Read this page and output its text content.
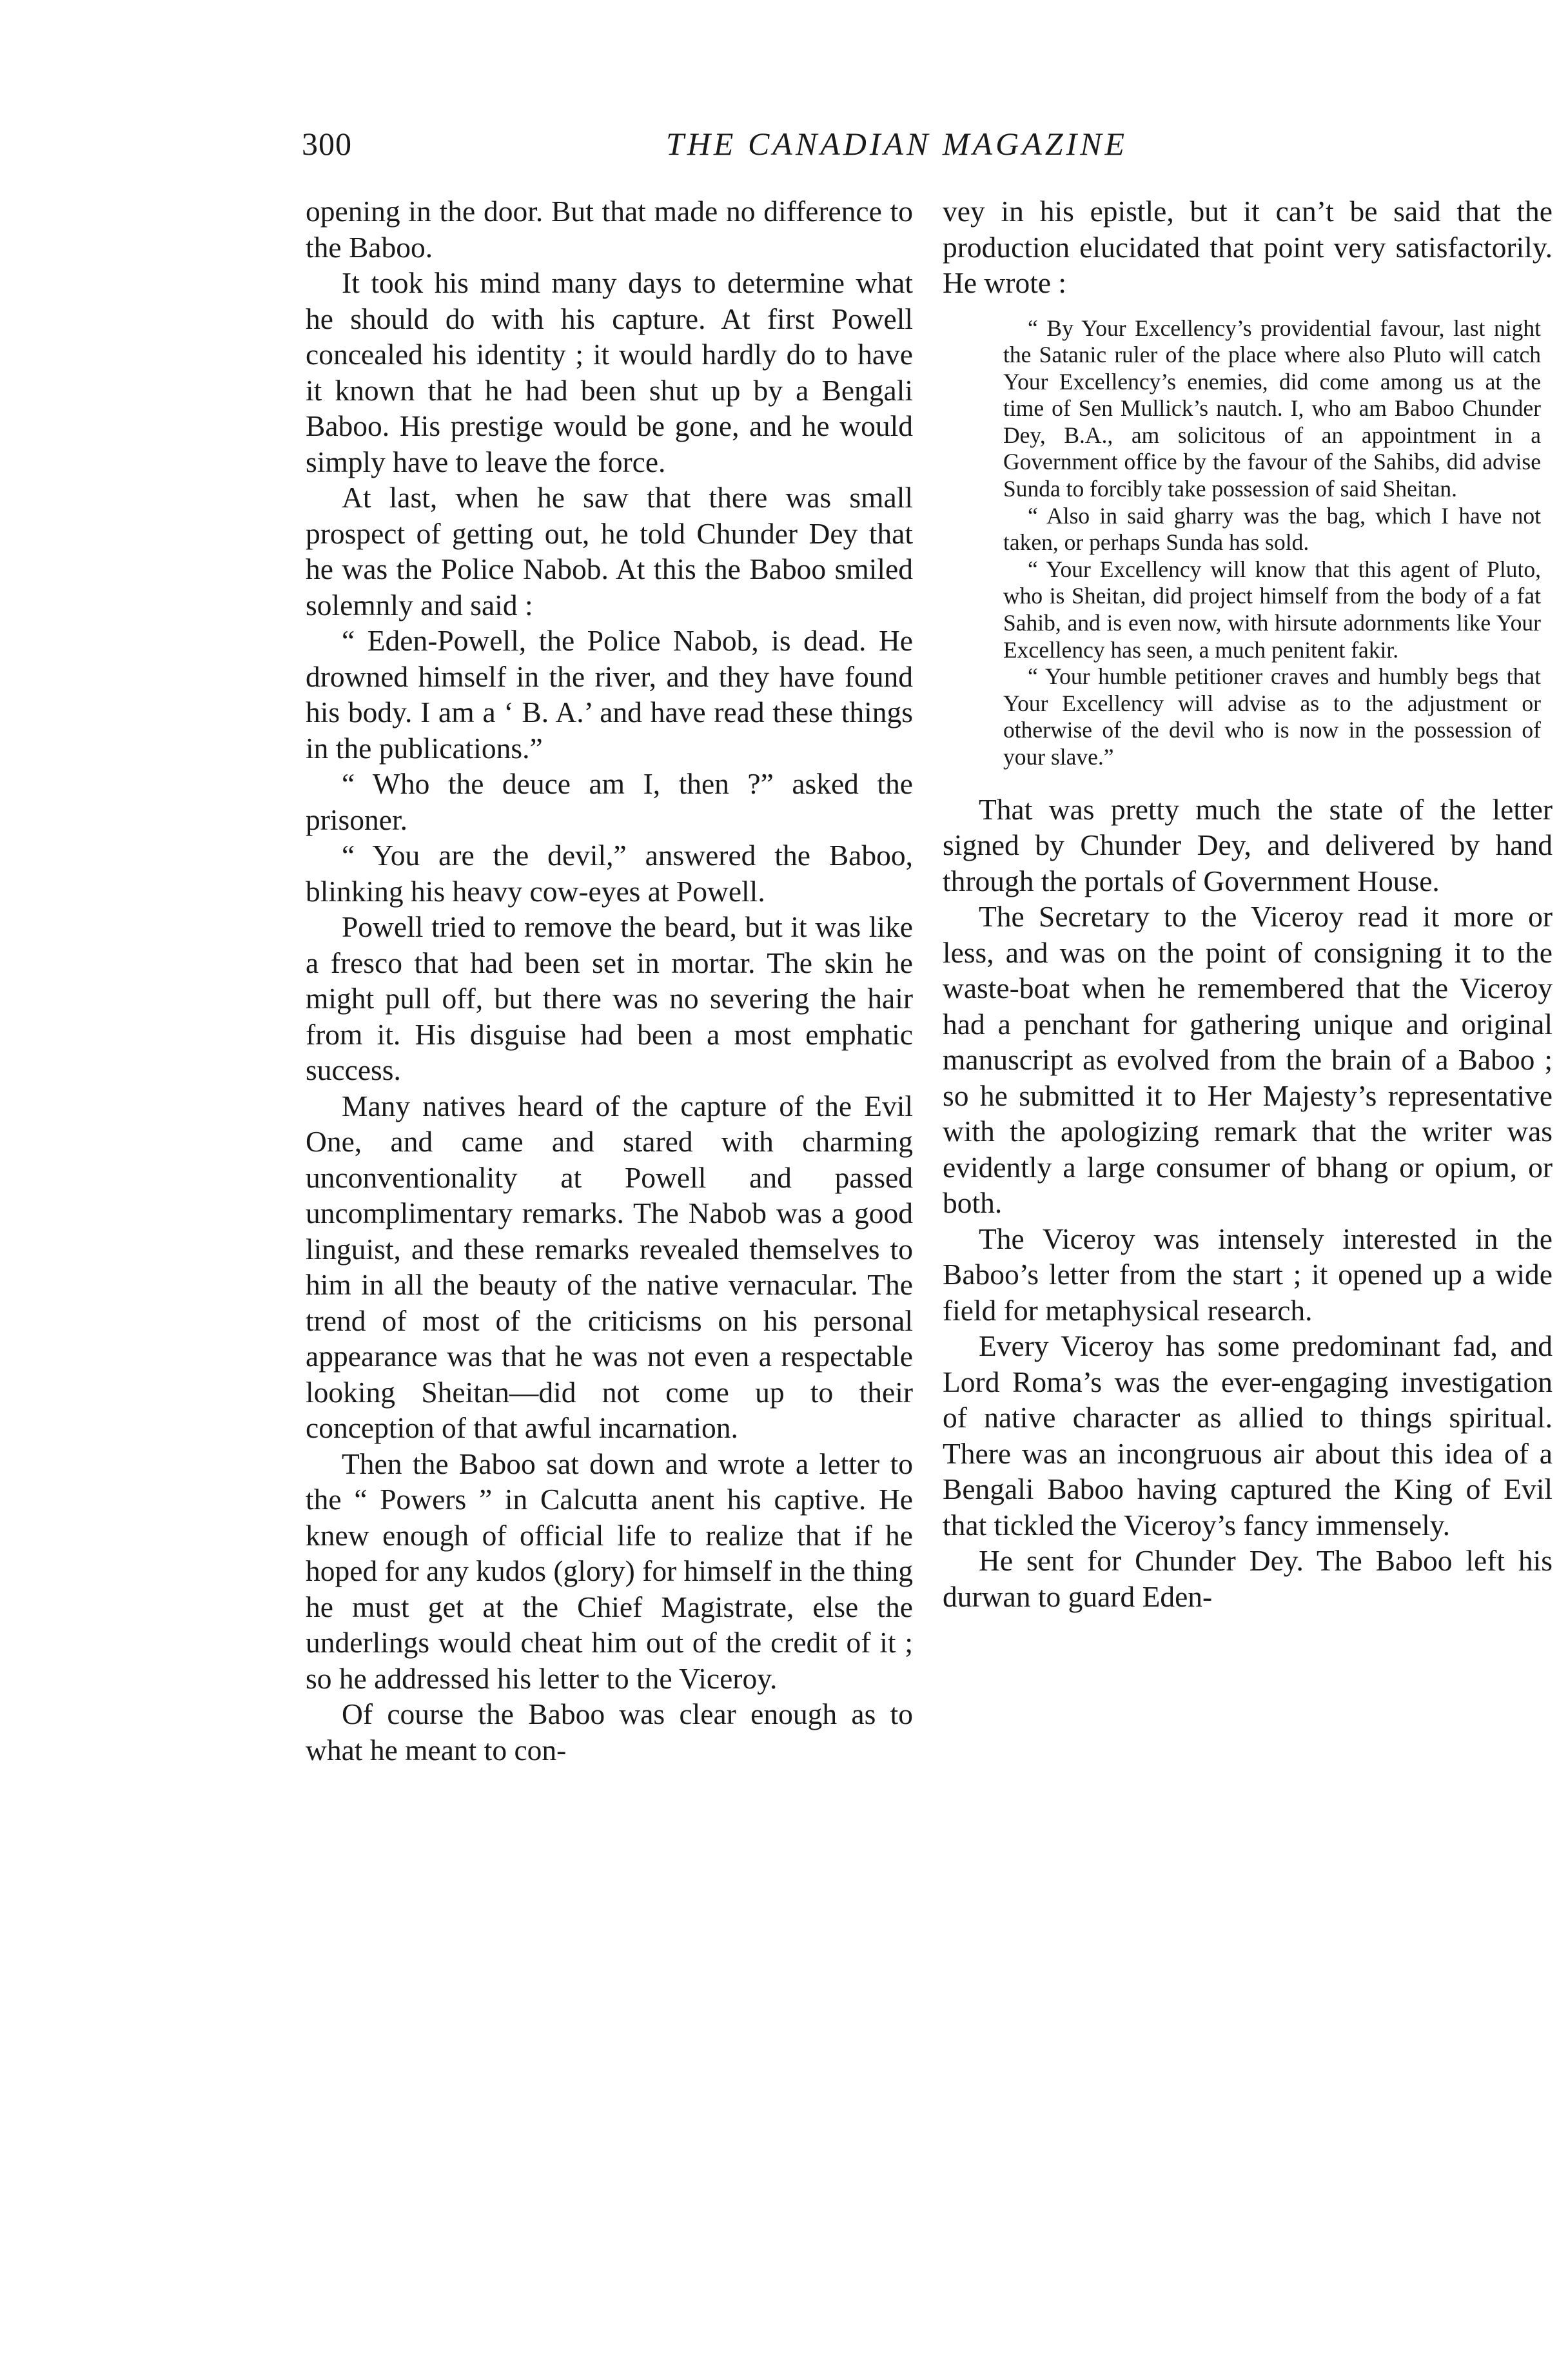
300	THE CANADIAN MAGAZINE

opening in the door. But that made no difference to the Baboo.

It took his mind many days to determine what he should do with his capture. At first Powell concealed his identity ; it would hardly do to have it known that he had been shut up by a Bengali Baboo. His prestige would be gone, and he would simply have to leave the force.

At last, when he saw that there was small prospect of getting out, he told Chunder Dey that he was the Police Nabob. At this the Baboo smiled solemnly and said :

“ Eden-Powell, the Police Nabob, is dead. He drowned himself in the river, and they have found his body. I am a ‘ B. A.’ and have read these things in the publications.”

“ Who the deuce am I, then ?” asked the prisoner.

“ You are the devil,” answered the Baboo, blinking his heavy cow-eyes at Powell.

Powell tried to remove the beard, but it was like a fresco that had been set in mortar. The skin he might pull off, but there was no severing the hair from it. His disguise had been a most emphatic success.

Many natives heard of the capture of the Evil One, and came and stared with charming unconventionality at Powell and passed uncomplimentary remarks. The Nabob was a good linguist, and these remarks revealed themselves to him in all the beauty of the native vernacular. The trend of most of the criticisms on his personal appearance was that he was not even a respectable looking Sheitan—did not come up to their conception of that awful incarnation.

Then the Baboo sat down and wrote a letter to the “ Powers ” in Calcutta anent his captive. He knew enough of official life to realize that if he hoped for any kudos (glory) for himself in the thing he must get at the Chief Magistrate, else the underlings would cheat him out of the credit of it ; so he addressed his letter to the Viceroy.

Of course the Baboo was clear enough as to what he meant to con-

vey in his epistle, but it can’t be said that the production elucidated that point very satisfactorily. He wrote :

“ By Your Excellency’s providential favour, last night the Satanic ruler of the place where also Pluto will catch Your Excellency’s enemies, did come among us at the time of Sen Mullick’s nautch. I, who am Baboo Chunder Dey, B.A., am solicitous of an appointment in a Government office by the favour of the Sahibs, did advise Sunda to forcibly take possession of said Sheitan.

“ Also in said gharry was the bag, which I have not taken, or perhaps Sunda has sold.

“ Your Excellency will know that this agent of Pluto, who is Sheitan, did project himself from the body of a fat Sahib, and is even now, with hirsute adornments like Your Excellency has seen, a much penitent fakir.

“ Your humble petitioner craves and humbly begs that Your Excellency will advise as to the adjustment or otherwise of the devil who is now in the possession of your slave.”

That was pretty much the state of the letter signed by Chunder Dey, and delivered by hand through the portals of Government House.

The Secretary to the Viceroy read it more or less, and was on the point of consigning it to the waste-boat when he remembered that the Viceroy had a penchant for gathering unique and original manuscript as evolved from the brain of a Baboo ; so he submitted it to Her Majesty’s representative with the apologizing remark that the writer was evidently a large consumer of bhang or opium, or both.

The Viceroy was intensely interested in the Baboo’s letter from the start ; it opened up a wide field for metaphysical research.

Every Viceroy has some predominant fad, and Lord Roma’s was the ever-engaging investigation of native character as allied to things spiritual. There was an incongruous air about this idea of a Bengali Baboo having captured the King of Evil that tickled the Viceroy’s fancy immensely.

He sent for Chunder Dey. The Baboo left his durwan to guard Eden-
